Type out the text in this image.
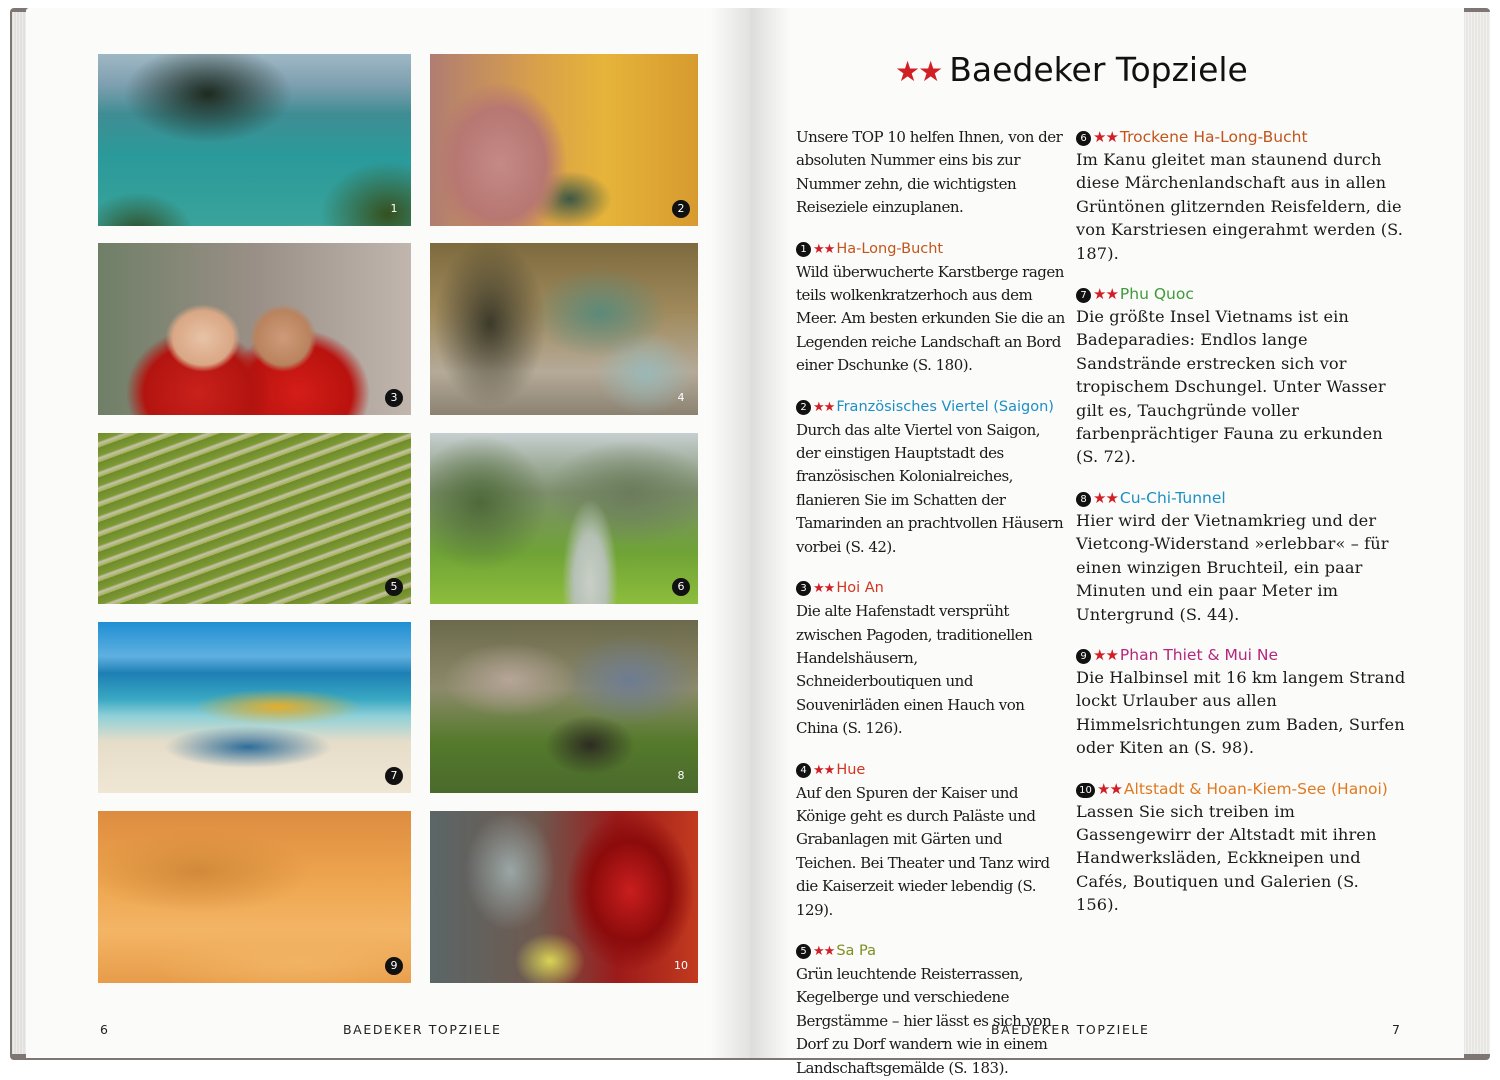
1	2
3	4
5	6
7	8
9	10
6	BAEDEKER TOPZIELE
★★ Baedeker Topziele

Unsere TOP 10 helfen Ihnen, von der absoluten Nummer eins bis zur Nummer zehn, die wichtigsten Reiseziele einzuplanen.

1 ★★ Ha-Long-Bucht

Wild überwucherte Karstberge ragen teils wolkenkratzerhoch aus dem Meer. Am besten erkunden Sie die an Legenden reiche Landschaft an Bord einer Dschunke (S. 180).

2 ★★ Französisches Viertel (Saigon)

Durch das alte Viertel von Saigon, der einstigen Hauptstadt des französischen Kolonialreiches, flanieren Sie im Schatten der Tamarinden an prachtvollen Häusern vorbei (S. 42).

3 ★★ Hoi An

Die alte Hafenstadt versprüht zwischen Pagoden, traditionellen Handelshäusern, Schneiderboutiquen und Souvenirläden einen Hauch von China (S. 126).

4 ★★ Hue

Auf den Spuren der Kaiser und Könige geht es durch Paläste und Grabanlagen mit Gärten und Teichen. Bei Theater und Tanz wird die Kaiserzeit wieder lebendig (S. 129).

5 ★★ Sa Pa

Grün leuchtende Reisterrassen, Kegelberge und verschiedene Bergstämme – hier lässt es sich von Dorf zu Dorf wandern wie in einem Landschaftsgemälde (S. 183).

6 ★★ Trockene Ha-Long-Bucht

Im Kanu gleitet man staunend durch diese Märchenlandschaft aus in allen Grüntönen glitzernden Reisfeldern, die von Karstriesen eingerahmt werden (S. 187).

7 ★★ Phu Quoc

Die größte Insel Vietnams ist ein Badeparadies: Endlos lange Sandstrände erstrecken sich vor tropischem Dschungel. Unter Wasser gilt es, Tauchgründe voller farbenprächtiger Fauna zu erkunden (S. 72).

8 ★★ Cu-Chi-Tunnel

Hier wird der Vietnamkrieg und der Vietcong-Widerstand »erlebbar« – für einen winzigen Bruchteil, ein paar Minuten und ein paar Meter im Untergrund (S. 44).

9 ★★ Phan Thiet & Mui Ne

Die Halbinsel mit 16 km langem Strand lockt Urlauber aus allen Himmelsrichtungen zum Baden, Surfen oder Kiten an (S. 98).

10 ★★ Altstadt & Hoan-Kiem-See (Hanoi)

Lassen Sie sich treiben im Gassengewirr der Altstadt mit ihren Handwerksläden, Eckkneipen und Cafés, Boutiquen und Galerien (S. 156).

BAEDEKER TOPZIELE	7
